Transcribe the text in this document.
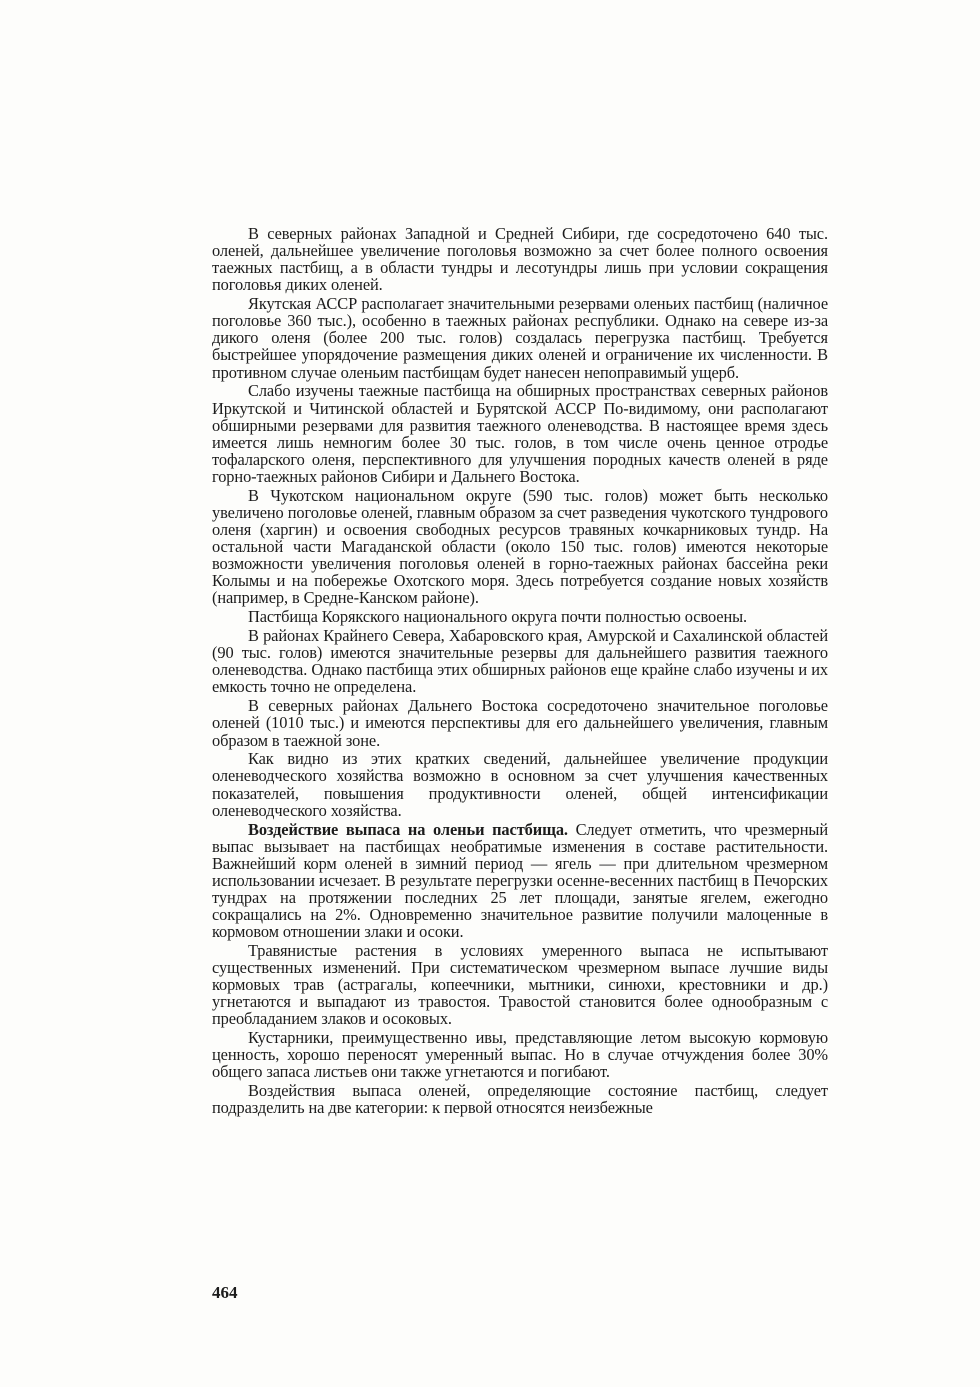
В северных районах Западной и Средней Сибири, где сосредоточено 640 тыс. оленей, дальнейшее увеличение поголовья возможно за счет более полного освоения таежных пастбищ, а в области тундры и лесотундры лишь при условии сокращения поголовья диких оленей.

Якутская АССР располагает значительными резервами оленьих пастбищ (наличное поголовье 360 тыс.), особенно в таежных районах республики. Однако на севере из-за дикого оленя (более 200 тыс. голов) создалась перегрузка пастбищ. Требуется быстрейшее упорядочение размещения диких оленей и ограничение их численности. В противном случае оленьим пастбищам будет нанесен непоправимый ущерб.

Слабо изучены таежные пастбища на обширных пространствах северных районов Иркутской и Читинской областей и Бурятской АССР По-видимому, они располагают обширными резервами для развития таежного оленеводства. В настоящее время здесь имеется лишь немногим более 30 тыс. голов, в том числе очень ценное отродье тофаларского оленя, перспективного для улучшения породных качеств оленей в ряде горно-таежных районов Сибири и Дальнего Востока.

В Чукотском национальном округе (590 тыс. голов) может быть несколько увеличено поголовье оленей, главным образом за счет разведения чукотского тундрового оленя (харгин) и освоения свободных ресурсов травяных кочкарниковых тундр. На остальной части Магаданской области (около 150 тыс. голов) имеются некоторые возможности увеличения поголовья оленей в горно-таежных районах бассейна реки Колымы и на побережье Охотского моря. Здесь потребуется создание новых хозяйств (например, в Средне-Канском районе).

Пастбища Корякского национального округа почти полностью освоены.

В районах Крайнего Севера, Хабаровского края, Амурской и Сахалинской областей (90 тыс. голов) имеются значительные резервы для дальнейшего развития таежного оленеводства. Однако пастбища этих обширных районов еще крайне слабо изучены и их емкость точно не определена.

В северных районах Дальнего Востока сосредоточено значительное поголовье оленей (1010 тыс.) и имеются перспективы для его дальнейшего увеличения, главным образом в таежной зоне.

Как видно из этих кратких сведений, дальнейшее увеличение продукции оленеводческого хозяйства возможно в основном за счет улучшения качественных показателей, повышения продуктивности оленей, общей интенсификации оленеводческого хозяйства.

Воздействие выпаса на оленьи пастбища. Следует отметить, что чрезмерный выпас вызывает на пастбищах необратимые изменения в составе растительности. Важнейший корм оленей в зимний период — ягель — при длительном чрезмерном использовании исчезает. В результате перегрузки осенне-весенних пастбищ в Печорских тундрах на протяжении последних 25 лет площади, занятые ягелем, ежегодно сокращались на 2%. Одновременно значительное развитие получили малоценные в кормовом отношении злаки и осоки.

Травянистые растения в условиях умеренного выпаса не испытывают существенных изменений. При систематическом чрезмерном выпасе лучшие виды кормовых трав (астрагалы, копеечники, мытники, синюхи, крестовники и др.) угнетаются и выпадают из травостоя. Травостой становится более однообразным с преобладанием злаков и осоковых.

Кустарники, преимущественно ивы, представляющие летом высокую кормовую ценность, хорошо переносят умеренный выпас. Но в случае отчуждения более 30% общего запаса листьев они также угнетаются и погибают.

Воздействия выпаса оленей, определяющие состояние пастбищ, следует подразделить на две категории: к первой относятся неизбежные

464
